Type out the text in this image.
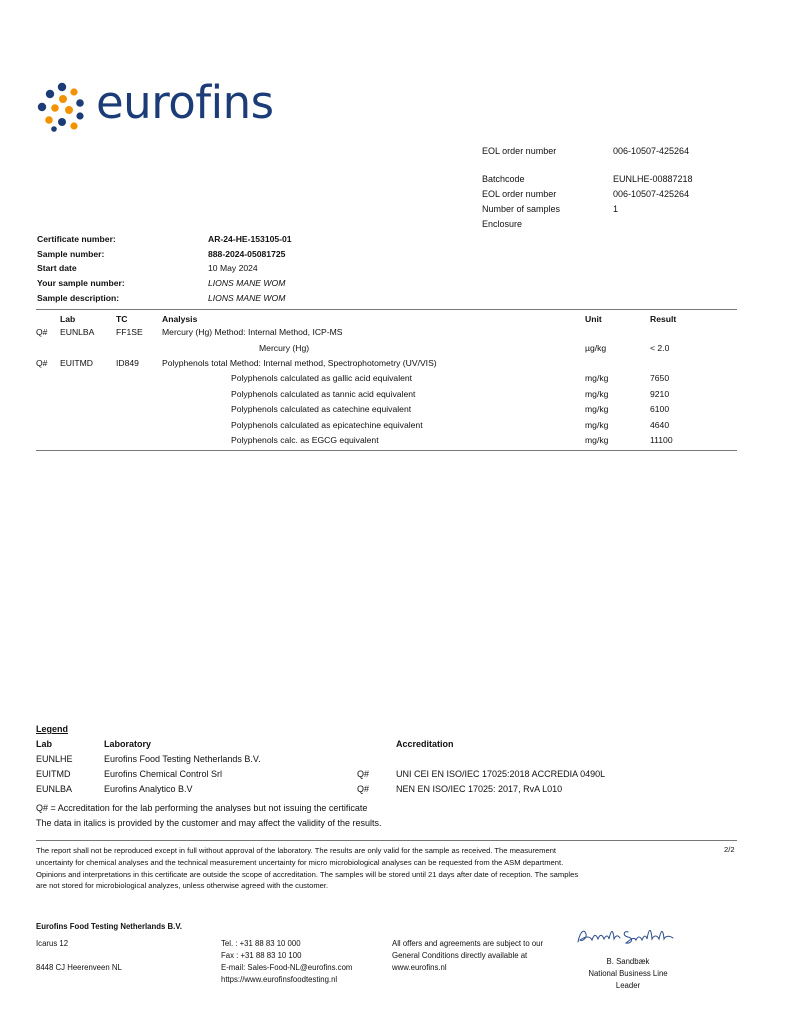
eurofins
EOL order number	006-10507-425264
Batchcode	EUNLHE-00887218
EOL order number	006-10507-425264
Number of samples	1
Enclosure
Certificate number:	AR-24-HE-153105-01
Sample number:	888-2024-05081725
Start date	10 May 2024
Your sample number:	LIONS MANE WOM
Sample description:	LIONS MANE WOM
Lab	TC	Analysis	Unit	Result
Q# EUNLBA	FF1SE Mercury (Hg) Method: Internal Method, ICP-MS
Mercury (Hg)	µg/kg	< 2.0
Q# EUITMD	ID849	Polyphenols total Method: Internal method, Spectrophotometry (UV/VIS)
Polyphenols calculated as gallic acid equivalent	mg/kg	7650
Polyphenols calculated as tannic acid equivalent	mg/kg	9210
Polyphenols calculated as catechine equivalent	mg/kg	6100
Polyphenols calculated as epicatechine equivalent	mg/kg	4640
Polyphenols calc. as EGCG equivalent	mg/kg	11100
Legend
Lab	Laboratory	Accreditation
EUNLHE	Eurofins Food Testing Netherlands B.V.
EUITMD	Eurofins Chemical Control Srl	Q#	UNI CEI EN ISO/IEC 17025:2018 ACCREDIA 0490L
EUNLBA	Eurofins Analytico B.V	Q#	NEN EN ISO/IEC 17025: 2017, RvA L010
Q# = Accreditation for the lab performing the analyses but not issuing the certificate
The data in italics is provided by the customer and may affect the validity of the results.
The report shall not be reproduced except in full without approval of the laboratory. The results are only valid for the sample as received. The measurement
uncertainty for chemical analyses and the technical measurement uncertainty for micro microbiological analyses can be requested from the ASM department.
Opinions and interpretations in this certificate are outside the scope of accreditation. The samples will be stored until 21 days after date of reception. The samples
are not stored for microbiological analyzes, unless otherwise agreed with the customer.
2/2
Eurofins Food Testing Netherlands B.V.
Icarus 12
8448 CJ Heerenveen NL
Tel. : +31 88 83 10 000
Fax : +31 88 83 10 100
E-mail: Sales-Food-NL@eurofins.com
https://www.eurofinsfoodtesting.nl
All offers and agreements are subject to our
General Conditions directly available at
www.eurofins.nl
B. Sandbæk
National Business Line
Leader
